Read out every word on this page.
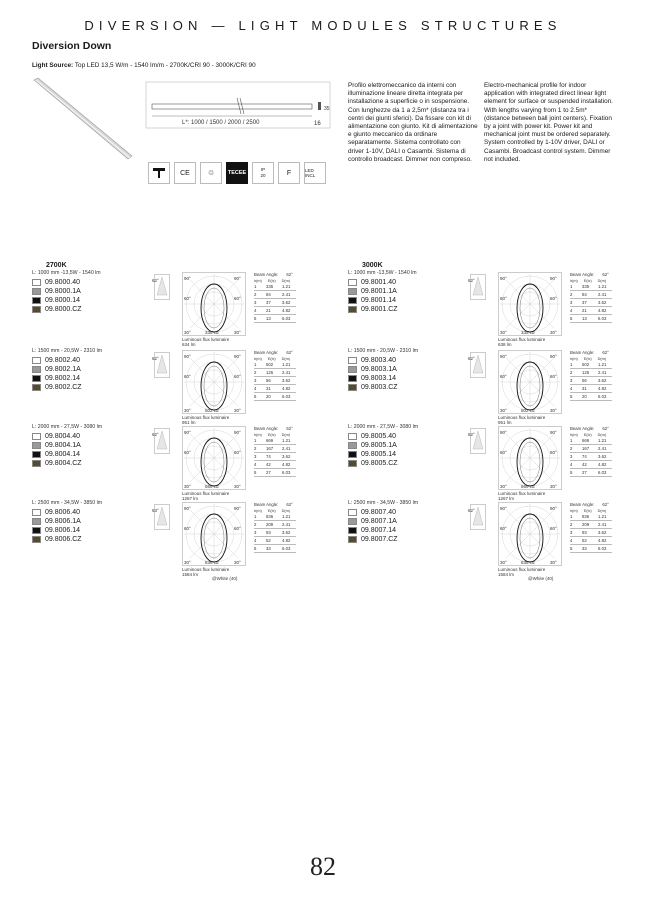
DIVERSION — LIGHT MODULES STRUCTURES
Diversion Down
Light Source: Top LED 13,5 W/m - 1540 lm/m - 2700K/CRI 90 - 3000K/CRI 90
35
L*: 1000 / 1500 / 2000 / 2500	16
CE	♲	TECEE
IP
20	F	LED INCL
Profilo elettromeccanico da interni con illuminazione lineare diretta integrata per installazione a superficie o in sospensione. Con lunghezze da 1 a 2,5m* (distanza tra i centri dei giunti sferici). Da fissare con kit di alimentazione con giunto. Kit di alimentazione e giunto meccanico da ordinare separatamente. Sistema controllato con driver 1-10V, DALI o Casambi. Sistema di controllo broadcast. Dimmer non compreso.
Electro-mechanical profile for indoor application with integrated direct linear light element for surface or suspended installation. With lengths varying from 1 to 2.5m* (distance between ball joint centers). Fixation by a joint with power kit. Power kit and mechanical joint must be ordered separately. System controlled by 1-10V driver, DALI or Casambi. Broadcast control system. Dimmer not included.
2700K	3000K
L: 1000 mm -13,5W - 1540 lm
09.8000.40
09.8000.1A
09.8000.14
09.8000.CZ
62°	90°	90°
60°	60°
30°	30°
335 cd
Luminous flux luminaire
634 lm
Beam Angle: 62°
h(m) E(lx) D(m)
1	335	1.21
2	84	2.41
3	37	3.62
4	21	4.82
5	13	6.03
L: 1500 mm - 20,5W - 2310 lm
09.8002.40
09.8002.1A
09.8002.14
09.8002.CZ
62°	90°	90°
60°	60°
30°	30°
502 cd
Luminous flux luminaire
951 lm
Beam Angle: 62°
h(m) E(lx) D(m)
1	502	1.21
2	125	2.41
3	56	3.62
4	31	4.82
5	20	6.03
L: 2000 mm - 27,5W - 3080 lm
09.8004.40
09.8004.1A
09.8004.14
09.8004.CZ
62°	90°	90°
60°	60°
30°	30°
669 cd
Luminous flux luminaire
1267 lm
Beam Angle: 62°
h(m) E(lx) D(m)
1	669	1.21
2	167	2.41
3	74	3.62
4	42	4.82
5	27	6.03
L: 2500 mm - 34,5W - 3850 lm
09.8006.40
09.8006.1A
09.8006.14
09.8006.CZ
63°	90°	90°
60°	60°
30°	30°
836 cd
Luminous flux luminaire
1584 lm
Beam Angle: 62°
h(m) E(lx) D(m)
1	836	1.21
2	209	2.41
3	93	3.62
4	52	4.82
5	33	6.03
L: 1000 mm -13,5W - 1540 lm
09.8001.40
09.8001.1A
09.8001.14
09.8001.CZ
62°	90°	90°
60°	60°
30°	30°
335 cd
Luminous flux luminaire
638 lm
Beam Angle: 62°
h(m) E(lx) D(m)
1	335	1.21
2	84	2.41
3	37	3.62
4	21	4.82
5	13	6.03
L: 1500 mm - 20,5W - 2310 lm
09.8003.40
09.8003.1A
09.8003.14
09.8003.CZ
62°	90°	90°
60°	60°
30°	30°
502 cd
Luminous flux luminaire
951 lm
Beam Angle: 62°
h(m) E(lx) D(m)
1	502	1.21
2	125	2.41
3	56	3.62
4	31	4.82
5	20	6.03
L: 2000 mm - 27,5W - 3080 lm
09.8005.40
09.8005.1A
09.8005.14
09.8005.CZ
62°	90°	90°
60°	60°
30°	30°
669 cd
Luminous flux luminaire
1267 lm
Beam Angle: 62°
h(m) E(lx) D(m)
1	669	1.21
2	167	2.41
3	74	3.62
4	42	4.82
5	27	6.03
L: 2500 mm - 34,5W - 3850 lm
09.8007.40
09.8007.1A
09.8007.14
09.8007.CZ
62°	90°	90°
60°	60°
30°	30°
836 cd
Luminous flux luminaire
1584 lm
Beam Angle: 62°
h(m) E(lx) D(m)
1	836	1.21
2	209	2.41
3	93	3.62
4	52	4.82
5	33	6.03
@White (40)	@White (40)
82
